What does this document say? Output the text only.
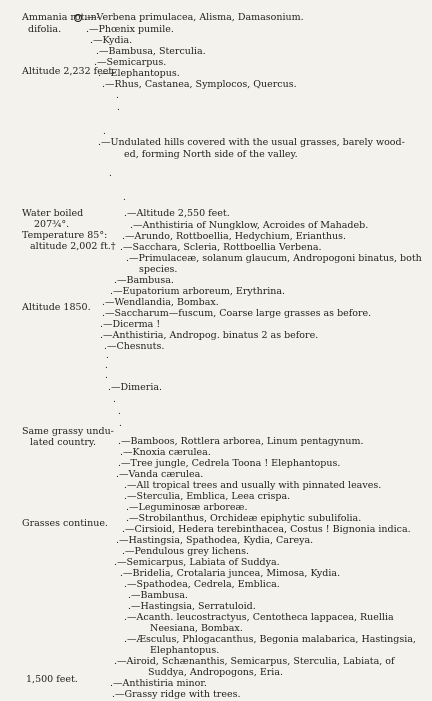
Ammania rotun-
difolia.
Altitude 2,232 feet.
Water boiled
207¾°.
Temperature 85°:
altitude 2,002 ft.†
Altitude 1850.
Same grassy undu-
lated country.
Grasses continue.
1,500 feet.
.—Verbena primulacea, Alisma, Damasonium.
.—Phœnix pumile.
.—Kydia.
.—Bambusa, Sterculia.
.—Semicarpus.
.—Elephantopus.
.—Rhus, Castanea, Symplocos, Quercus.
.
.
.
.—Undulated hills covered with the usual grasses, barely wood-
ed, forming North side of the valley.
.
.
.—Altitude 2,550 feet.
.—Anthistiria of Nungklow, Acroides of Mahadeb.
.—Arundo, Rottboellia, Hedychium, Erianthus.
.—Sacchara, Scleria, Rottboellia Verbena.
.—Primulaceæ, solanum glaucum, Andropogoni binatus, both
species.
.—Bambusa.
.—Eupatorium arboreum, Erythrina.
.—Wendlandia, Bombax.
.—Saccharum—fuscum, Coarse large grasses as before.
.—Dicerma !
.—Anthistiria, Andropog. binatus 2 as before.
.—Chesnuts.
.
.
.
.—Dimeria.
.
.
.
.—Bamboos, Rottlera arborea, Linum pentagynum.
.—Knoxia cærulea.
.—Tree jungle, Cedrela Toona ! Elephantopus.
.—Vanda cærulea.
.—All tropical trees and usually with pinnated leaves.
.—Sterculia, Emblica, Leea crispa.
.—Leguminosæ arboreæ.
.—Strobilanthus, Orchideæ epiphytic subulifolia.
.—Cirsioid, Hedera terebinthacea, Costus ! Bignonia indica.
.—Hastingsia, Spathodea, Kydia, Careya.
.—Pendulous grey lichens.
.—Semicarpus, Labiata of Suddya.
.—Bridelia, Crotalaria juncea, Mimosa, Kydia.
.—Spathodea, Cedrela, Emblica.
.—Bambusa.
.—Hastingsia, Serratuloid.
.—Acanth. leucostractyus, Centotheca lappacea, Ruellia
Neesiana, Bombax.
.—Æsculus, Phlogacanthus, Begonia malabarica, Hastingsia,
Elephantopus.
.—Airoid, Schænanthis, Semicarpus, Sterculia, Labiata, of
Suddya, Andropogons, Eria.
.—Anthistiria minor.
.—Grassy ridge with trees.
